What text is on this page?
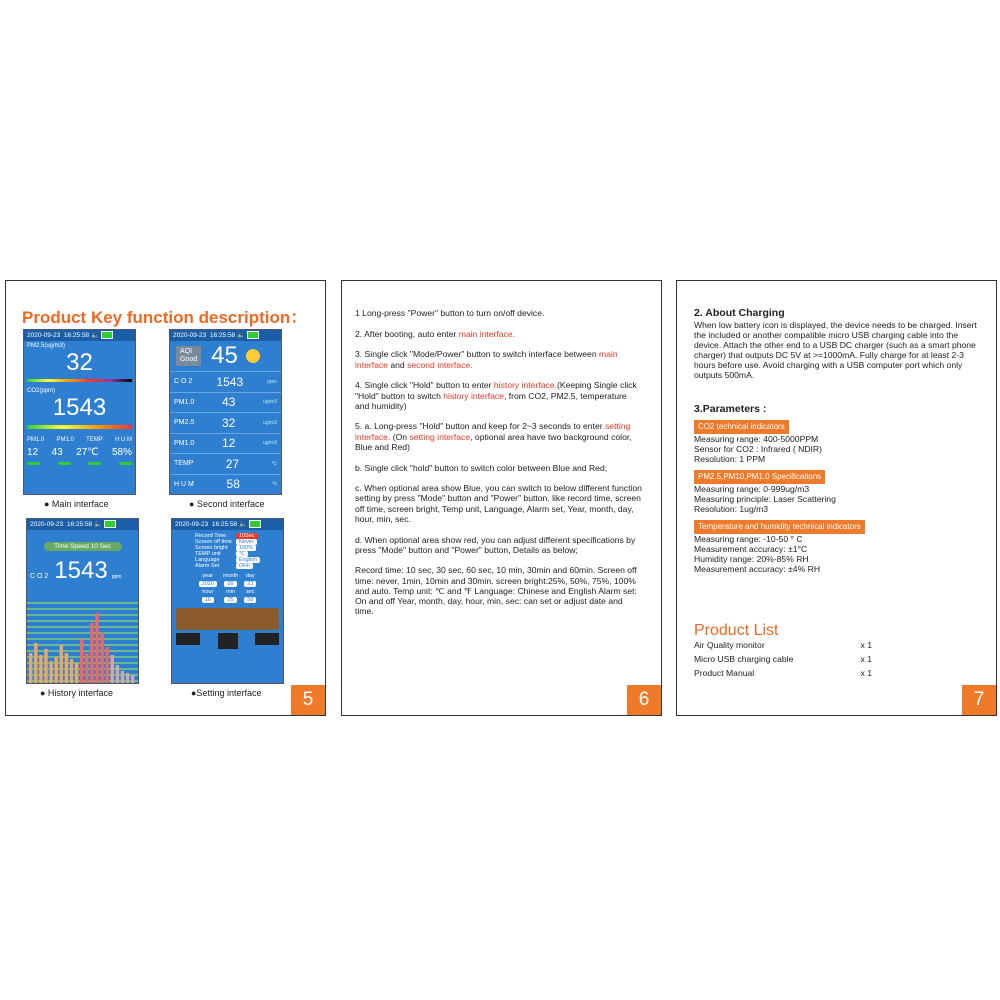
Product Key function description：
2020-09-23 16:25:58 🔈
PM2.5(ug/m3)
32
CO2(ppm)
1543
PM1.0 PM1.0 TEMP H U M
12 43 27℃ 58%
● Main interface
2020-09-23 16:25:58 🔈
AQI
Good 45
C O 2 1543	ppm
PM1.0 43	ug/m3
PM2.5 32	ug/m3
PM1.0 12	ug/m3
TEMP	27	℃
H U M	58	%
● Second interface
2020-09-23 16:25:58 🔈
Time Speed 10 Sec
C O 2 1543 ppm
● History interface
2020-09-23 16:25:58 🔈
Record Time	10Sec
Screen off time	Never
Screen bright	100%
TEMP unit	℃
Language	English
Alarm Set	OFF
year	month	day
2020	09	23
hour	min	sec
16	25	58
●Setting interface	5

1 Long-press "Power" button to turn on/off device.

2. After booting, auto enter main interface.

3. Single click "Mode/Power" button to switch interface between main interface and second interface.

4. Single click "Hold" button to enter history interface.(Keeping Single click "Hold" button to switch history interface, from CO2, PM2.5, temperature and humidity)

5. a. Long-press "Hold" button and keep for 2~3 seconds to enter setting interface. (On setting interface, optional area have two background color, Blue and Red)

b. Single click "hold" button to switch color between Blue and Red;

c. When optional area show Blue, you can switch to below different function setting by press "Mode" button and "Power" button. like record time, screen off time, screen bright, Temp unit, Language, Alarm set, Year, month, day, hour, min, sec.

d. When optional area show red, you can adjust different specifications by press "Mode" button and "Power" button, Details as below;

Record time: 10 sec, 30 sec, 60 sec, 10 min, 30min and 60min. Screen off time: never, 1min, 10min and 30min. screen bright:25%, 50%, 75%, 100% and auto. Temp unit: ℃ and ℉ Language: Chinese and English Alarm set: On and off Year, month, day, hour, min, sec: can set or adjust date and time.

6
2. About Charging
When low battery icon is displayed, the device needs to be charged. Insert the included or another compatible micro USB charging cable into the device. Attach the other end to a USB DC charger (such as a smart phone charger) that outputs DC 5V at >=1000mA. Fully charge for at least 2-3 hours before use. Avoid charging with a USB computer port which only outputs 500mA.
3.Parameters :
CO2 technical indicators
Measuring range: 400-5000PPM
Sensor for CO2 : Infrared ( NDIR)
Resolution: 1 PPM
PM2.5,PM10,PM1.0 Specifications
Measuring range: 0-999ug/m3
Measuring principle: Laser Scattering
Resolution: 1ug/m3
Temperature and humidity technical indicators
Measuring range: -10-50 ° C
Measurement accuracy: ±1°C
Humidity range: 20%-85% RH
Measurement accuracy: ±4% RH
Product List
Air Quality monitor	x 1
Micro USB charging cable	x 1
Product Manual	x 1
7
